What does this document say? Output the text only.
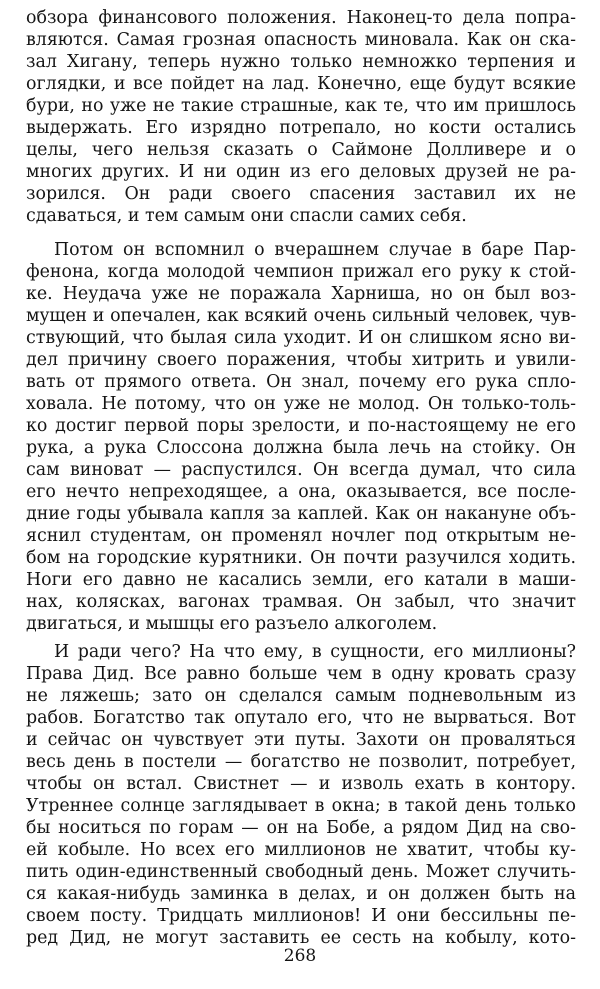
обзора финансового положения. Наконец-то дела попра-
вляются. Самая грозная опасность миновала. Как он ска-
зал Хигану, теперь нужно только немножко терпения и
оглядки, и все пойдет на лад. Конечно, еще будут всякие
бури, но уже не такие страшные, как те, что им пришлось
выдержать. Его изрядно потрепало, но кости остались
целы, чего нельзя сказать о Саймоне Долливере и о
многих других. И ни один из его деловых друзей не ра-
зорился. Он ради своего спасения заставил их не
сдаваться, и тем самым они спасли самих себя.
Потом он вспомнил о вчерашнем случае в баре Пар-
фенона, когда молодой чемпион прижал его руку к стой-
ке. Неудача уже не поражала Харниша, но он был воз-
мущен и опечален, как всякий очень сильный человек, чув-
ствующий, что былая сила уходит. И он слишком ясно ви-
дел причину своего поражения, чтобы хитрить и увили-
вать от прямого ответа. Он знал, почему его рука сплo-
ховала. Не потому, что он уже не молод. Он только-толь-
ко достиг первой поры зрелости, и по-настоящему не его
рука, а рука Слоссона должна была лечь на стойку. Он
сам виноват — распустился. Он всегда думал, что сила
его нечто непреходящее, а она, оказывается, все после-
дние годы убывала капля за каплей. Как он накануне объ-
яснил студентам, он променял ночлег под открытым не-
бом на городские курятники. Он почти разучился ходить.
Ноги его давно не касались земли, его катали в маши-
нах, колясках, вагонах трамвая. Он забыл, что значит
двигаться, и мышцы его разъело алкоголем.
И ради чего? На что ему, в сущности, его миллионы?
Права Дид. Все равно больше чем в одну кровать сразу
не ляжешь; зато он сделался самым подневольным из
рабов. Богатство так опутало его, что не вырваться. Вот
и сейчас он чувствует эти путы. Захоти он проваляться
весь день в постели — богатство не позволит, потребует,
чтобы он встал. Свистнет — и изволь ехать в контору.
Утреннее солнце заглядывает в окна; в такой день только
бы носиться по горам — он на Бобе, а рядом Дид на сво-
ей кобыле. Но всех его миллионов не хватит, чтобы ку-
пить один-единственный свободный день. Может случить-
ся какая-нибудь заминка в делах, и он должен быть на
своем посту. Тридцать миллионов! И они бессильны пе-
ред Дид, не могут заставить ее сесть на кобылу, кото-
268
